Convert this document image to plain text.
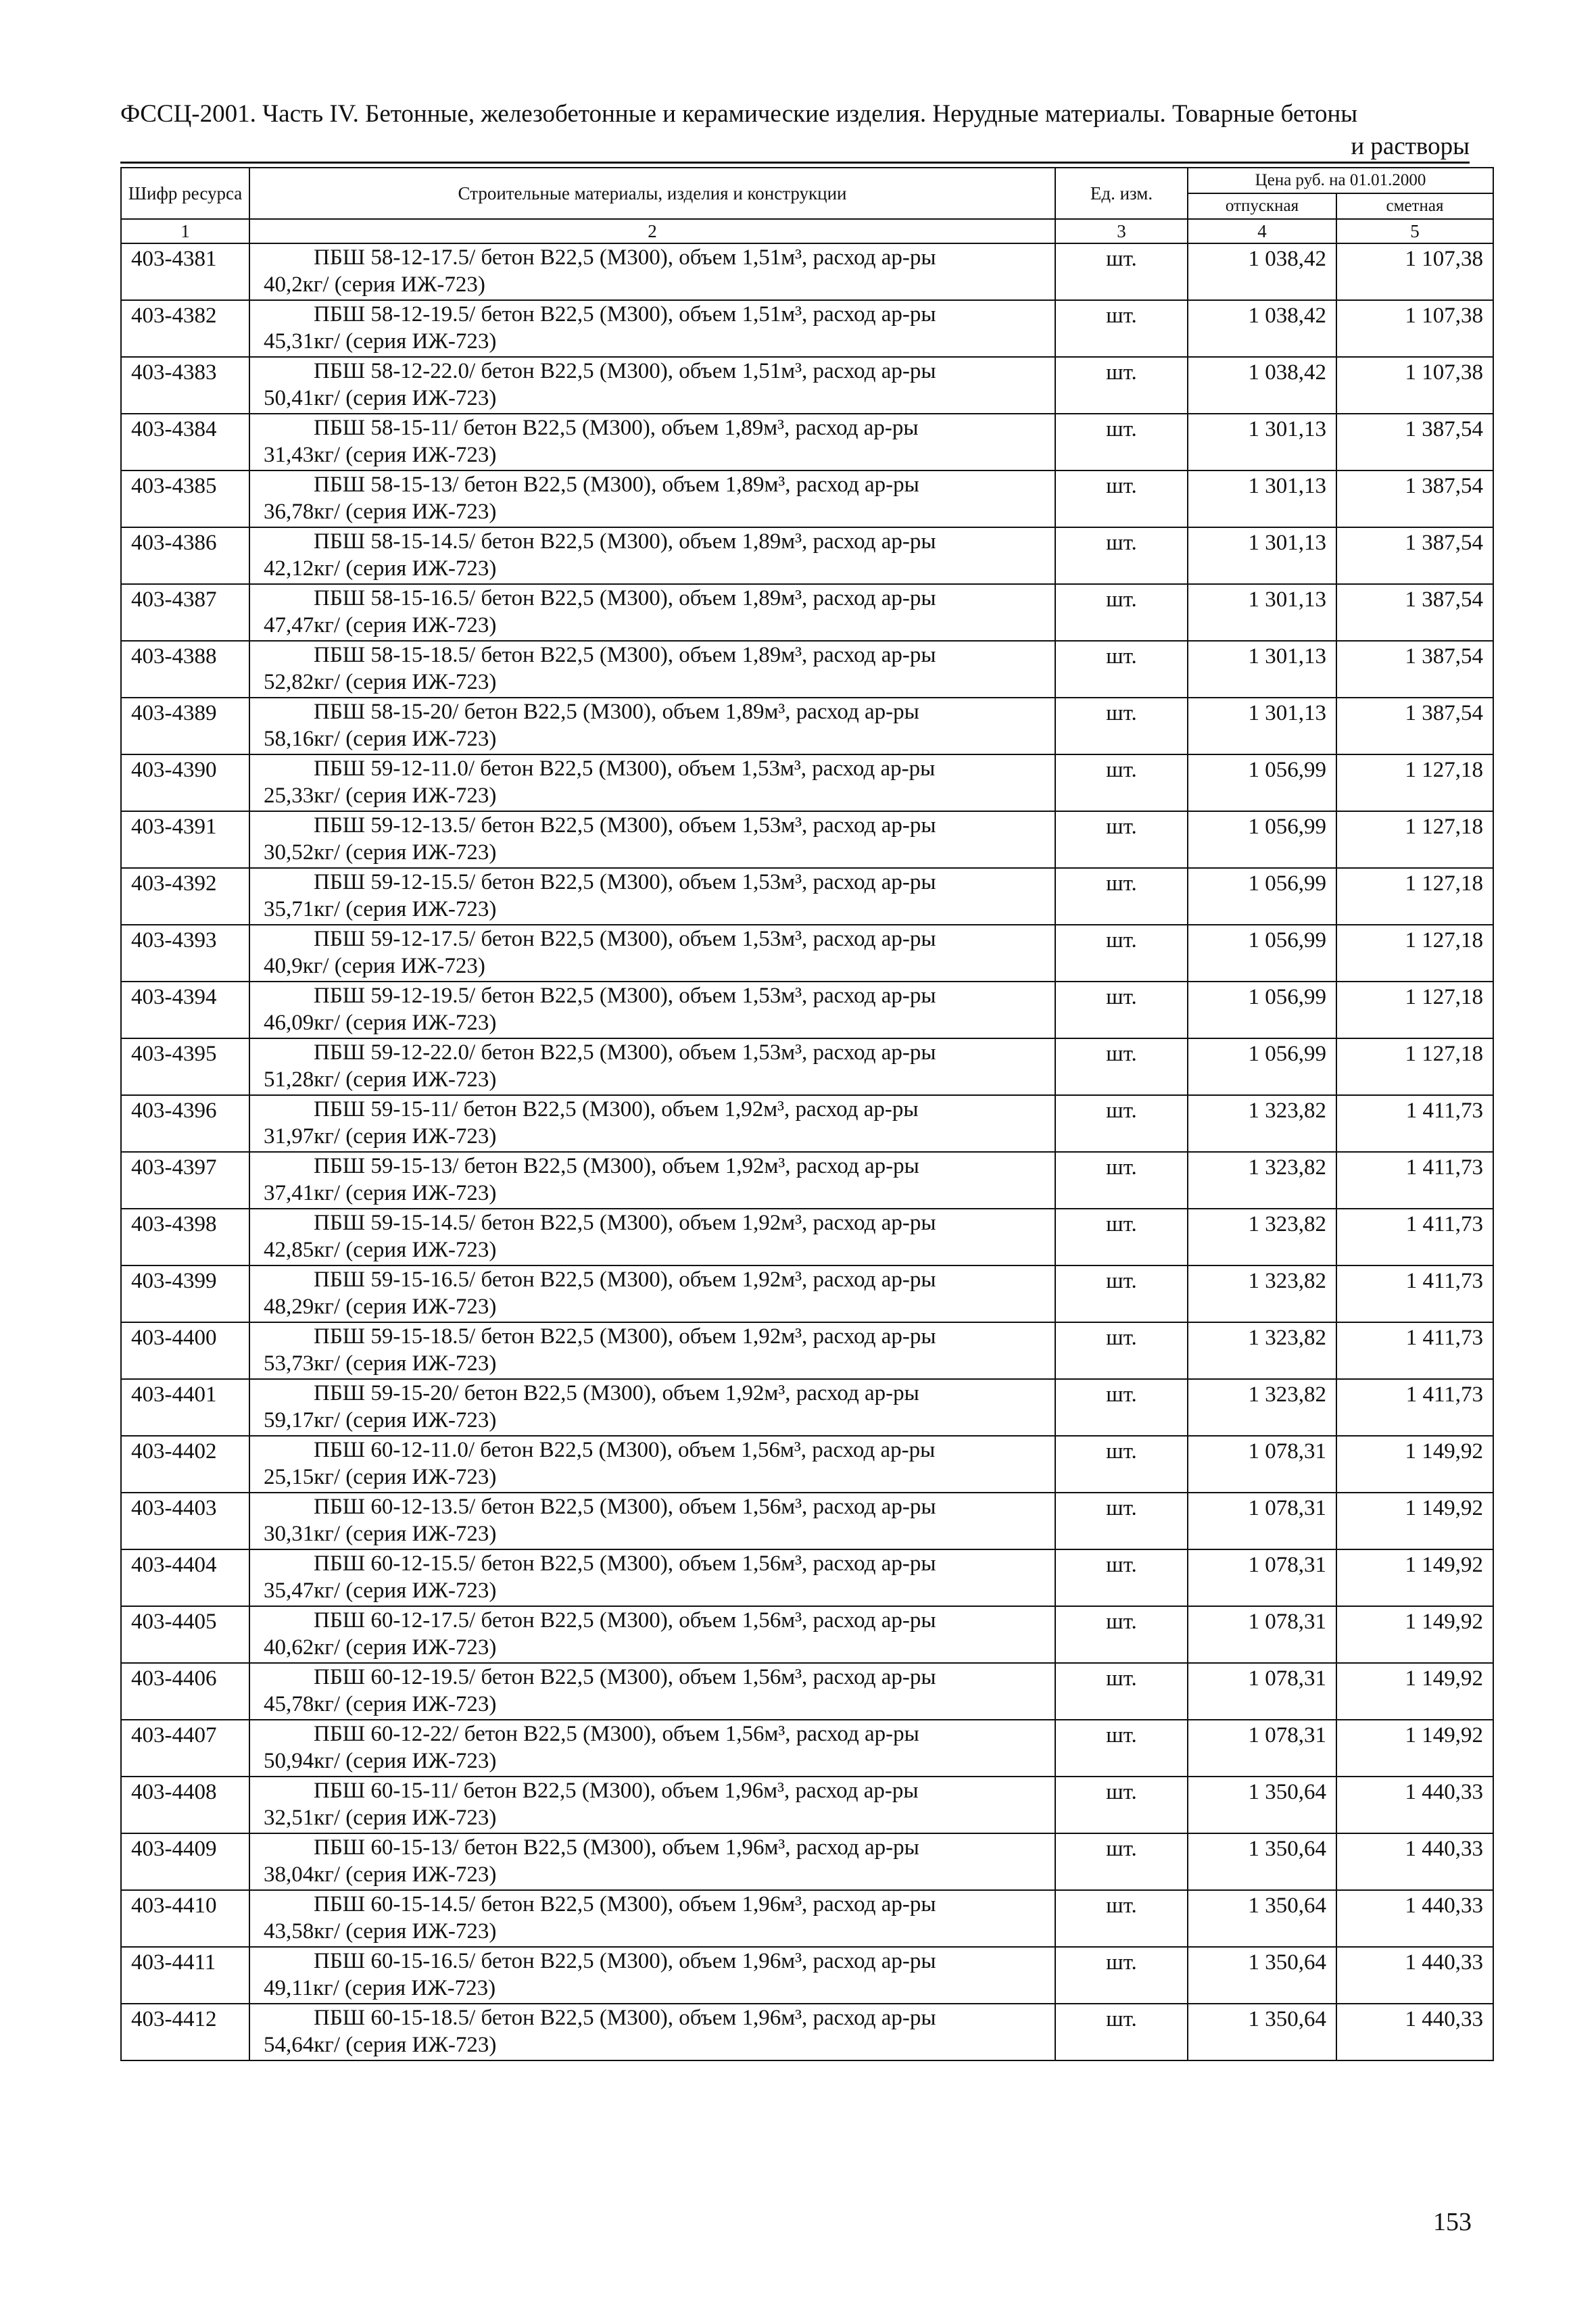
ФССЦ-2001. Часть IV. Бетонные, железобетонные и керамические изделия. Нерудные материалы. Товарные бетоны
и растворы
Шифр ресурса	Строительные материалы, изделия и конструкции	Ед. изм.	Цена руб. на 01.01.2000	
			отпускная	сметная
1	2	3	4	5
403-4381	ПБШ 58-12-17.5/ бетон В22,5 (М300), объем 1,51м³, расход ар-ры
40,2кг/ (серия ИЖ-723)	шт.	1 038,42	1 107,38
403-4382	ПБШ 58-12-19.5/ бетон В22,5 (М300), объем 1,51м³, расход ар-ры
45,31кг/ (серия ИЖ-723)	шт.	1 038,42	1 107,38
403-4383	ПБШ 58-12-22.0/ бетон В22,5 (М300), объем 1,51м³, расход ар-ры
50,41кг/ (серия ИЖ-723)	шт.	1 038,42	1 107,38
403-4384	ПБШ 58-15-11/ бетон В22,5 (М300), объем 1,89м³, расход ар-ры
31,43кг/ (серия ИЖ-723)	шт.	1 301,13	1 387,54
403-4385	ПБШ 58-15-13/ бетон В22,5 (М300), объем 1,89м³, расход ар-ры
36,78кг/ (серия ИЖ-723)	шт.	1 301,13	1 387,54
403-4386	ПБШ 58-15-14.5/ бетон В22,5 (М300), объем 1,89м³, расход ар-ры
42,12кг/ (серия ИЖ-723)	шт.	1 301,13	1 387,54
403-4387	ПБШ 58-15-16.5/ бетон В22,5 (М300), объем 1,89м³, расход ар-ры
47,47кг/ (серия ИЖ-723)	шт.	1 301,13	1 387,54
403-4388	ПБШ 58-15-18.5/ бетон В22,5 (М300), объем 1,89м³, расход ар-ры
52,82кг/ (серия ИЖ-723)	шт.	1 301,13	1 387,54
403-4389	ПБШ 58-15-20/ бетон В22,5 (М300), объем 1,89м³, расход ар-ры
58,16кг/ (серия ИЖ-723)	шт.	1 301,13	1 387,54
403-4390	ПБШ 59-12-11.0/ бетон В22,5 (М300), объем 1,53м³, расход ар-ры
25,33кг/ (серия ИЖ-723)	шт.	1 056,99	1 127,18
403-4391	ПБШ 59-12-13.5/ бетон В22,5 (М300), объем 1,53м³, расход ар-ры
30,52кг/ (серия ИЖ-723)	шт.	1 056,99	1 127,18
403-4392	ПБШ 59-12-15.5/ бетон В22,5 (М300), объем 1,53м³, расход ар-ры
35,71кг/ (серия ИЖ-723)	шт.	1 056,99	1 127,18
403-4393	ПБШ 59-12-17.5/ бетон В22,5 (М300), объем 1,53м³, расход ар-ры
40,9кг/ (серия ИЖ-723)	шт.	1 056,99	1 127,18
403-4394	ПБШ 59-12-19.5/ бетон В22,5 (М300), объем 1,53м³, расход ар-ры
46,09кг/ (серия ИЖ-723)	шт.	1 056,99	1 127,18
403-4395	ПБШ 59-12-22.0/ бетон В22,5 (М300), объем 1,53м³, расход ар-ры
51,28кг/ (серия ИЖ-723)	шт.	1 056,99	1 127,18
403-4396	ПБШ 59-15-11/ бетон В22,5 (М300), объем 1,92м³, расход ар-ры
31,97кг/ (серия ИЖ-723)	шт.	1 323,82	1 411,73
403-4397	ПБШ 59-15-13/ бетон В22,5 (М300), объем 1,92м³, расход ар-ры
37,41кг/ (серия ИЖ-723)	шт.	1 323,82	1 411,73
403-4398	ПБШ 59-15-14.5/ бетон В22,5 (М300), объем 1,92м³, расход ар-ры
42,85кг/ (серия ИЖ-723)	шт.	1 323,82	1 411,73
403-4399	ПБШ 59-15-16.5/ бетон В22,5 (М300), объем 1,92м³, расход ар-ры
48,29кг/ (серия ИЖ-723)	шт.	1 323,82	1 411,73
403-4400	ПБШ 59-15-18.5/ бетон В22,5 (М300), объем 1,92м³, расход ар-ры
53,73кг/ (серия ИЖ-723)	шт.	1 323,82	1 411,73
403-4401	ПБШ 59-15-20/ бетон В22,5 (М300), объем 1,92м³, расход ар-ры
59,17кг/ (серия ИЖ-723)	шт.	1 323,82	1 411,73
403-4402	ПБШ 60-12-11.0/ бетон В22,5 (М300), объем 1,56м³, расход ар-ры
25,15кг/ (серия ИЖ-723)	шт.	1 078,31	1 149,92
403-4403	ПБШ 60-12-13.5/ бетон В22,5 (М300), объем 1,56м³, расход ар-ры
30,31кг/ (серия ИЖ-723)	шт.	1 078,31	1 149,92
403-4404	ПБШ 60-12-15.5/ бетон В22,5 (М300), объем 1,56м³, расход ар-ры
35,47кг/ (серия ИЖ-723)	шт.	1 078,31	1 149,92
403-4405	ПБШ 60-12-17.5/ бетон В22,5 (М300), объем 1,56м³, расход ар-ры
40,62кг/ (серия ИЖ-723)	шт.	1 078,31	1 149,92
403-4406	ПБШ 60-12-19.5/ бетон В22,5 (М300), объем 1,56м³, расход ар-ры
45,78кг/ (серия ИЖ-723)	шт.	1 078,31	1 149,92
403-4407	ПБШ 60-12-22/ бетон В22,5 (М300), объем 1,56м³, расход ар-ры
50,94кг/ (серия ИЖ-723)	шт.	1 078,31	1 149,92
403-4408	ПБШ 60-15-11/ бетон В22,5 (М300), объем 1,96м³, расход ар-ры
32,51кг/ (серия ИЖ-723)	шт.	1 350,64	1 440,33
403-4409	ПБШ 60-15-13/ бетон В22,5 (М300), объем 1,96м³, расход ар-ры
38,04кг/ (серия ИЖ-723)	шт.	1 350,64	1 440,33
403-4410	ПБШ 60-15-14.5/ бетон В22,5 (М300), объем 1,96м³, расход ар-ры
43,58кг/ (серия ИЖ-723)	шт.	1 350,64	1 440,33
403-4411	ПБШ 60-15-16.5/ бетон В22,5 (М300), объем 1,96м³, расход ар-ры
49,11кг/ (серия ИЖ-723)	шт.	1 350,64	1 440,33
403-4412	ПБШ 60-15-18.5/ бетон В22,5 (М300), объем 1,96м³, расход ар-ры
54,64кг/ (серия ИЖ-723)	шт.	1 350,64	1 440,33
153
